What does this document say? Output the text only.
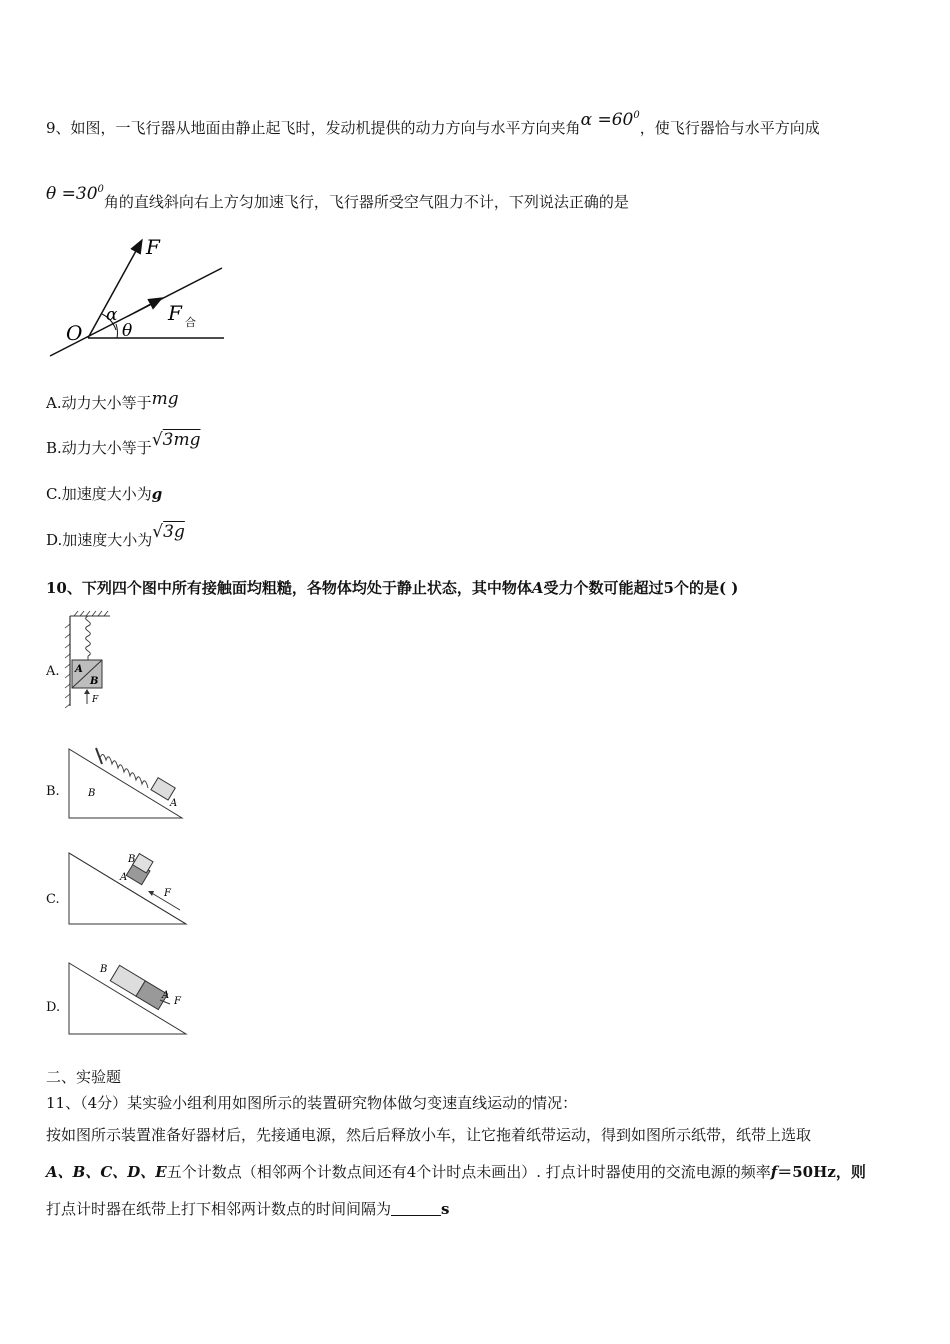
9、如图，一飞行器从地面由静止起飞时，发动机提供的动力方向与水平方向夹角$\alpha =60^0$，使飞行器恰与水平方向成
$\theta =30^0$角的直线斜向右上方匀加速飞行，飞行器所受空气阻力不计，下列说法正确的是
F
O
α
θ
F 合
A.动力大小等于mg
B.动力大小等于√3mg
C.加速度大小为g
D.加速度大小为√3g
10、下列四个图中所有接触面均粗糙，各物体均处于静止状态，其中物体A受力个数可能超过5个的是( )
A. A
B
F
B.
A
B
C.
B
A
F
D.
B
A
F
二、实验题
11、（4分）某实验小组利用如图所示的装置研究物体做匀变速直线运动的情况：
按如图所示装置准备好器材后，先接通电源，然后后释放小车，让它拖着纸带运动，得到如图所示纸带，纸带上选取
A、B、C、D、E五个计数点（相邻两个计数点间还有4个计时点未画出）. 打点计时器使用的交流电源的频率f＝50Hz，则
打点计时器在纸带上打下相邻两计数点的时间间隔为	s
